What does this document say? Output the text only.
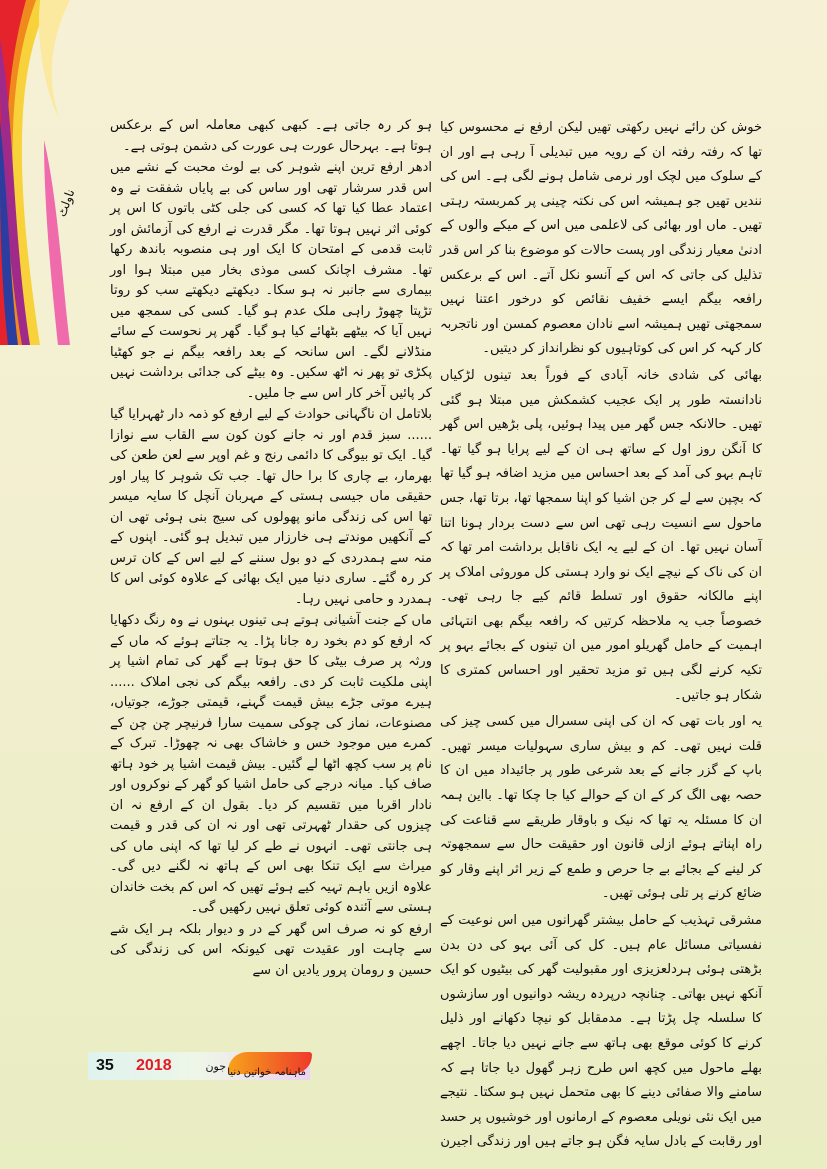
ناولٹ

خوش کن رائے نہیں رکھتی تھیں لیکن ارفع نے محسوس کیا تھا کہ رفتہ رفتہ ان کے رویہ میں تبدیلی آ رہی ہے اور ان کے سلوک میں لچک اور نرمی شامل ہونے لگی ہے۔ اس کی نندیں تھیں جو ہمیشہ اس کی نکتہ چینی پر کمربستہ رہتی تھیں۔ ماں اور بھائی کی لاعلمی میں اس کے میکے والوں کے ادنیٰ معیار زندگی اور پست حالات کو موضوع بنا کر اس قدر تذلیل کی جاتی کہ اس کے آنسو نکل آتے۔ اس کے برعکس رافعہ بیگم ایسے خفیف نقائص کو درخور اعتنا نہیں سمجھتی تھیں ہمیشہ اسے نادان معصوم کمسن اور ناتجربہ کار کہہ کر اس کی کوتاہیوں کو نظرانداز کر دیتیں۔

بھائی کی شادی خانہ آبادی کے فوراً بعد تینوں لڑکیاں نادانستہ طور پر ایک عجیب کشمکش میں مبتلا ہو گئی تھیں۔ حالانکہ جس گھر میں پیدا ہوئیں، پلی بڑھیں اس گھر کا آنگن روز اول کے ساتھ ہی ان کے لیے پرایا ہو گیا تھا۔ تاہم بہو کی آمد کے بعد احساس میں مزید اضافہ ہو گیا تھا کہ بچپن سے لے کر جن اشیا کو اپنا سمجھا تھا، برتا تھا، جس ماحول سے انسیت رہی تھی اس سے دست بردار ہونا اتنا آسان نہیں تھا۔ ان کے لیے یہ ایک ناقابل برداشت امر تھا کہ ان کی ناک کے نیچے ایک نو وارد ہستی کل موروثی املاک پر اپنے مالکانہ حقوق اور تسلط قائم کیے جا رہی تھی۔ خصوصاً جب یہ ملاحظہ کرتیں کہ رافعہ بیگم بھی انتہائی اہمیت کے حامل گھریلو امور میں ان تینوں کے بجائے بہو پر تکیہ کرنے لگی ہیں تو مزید تحقیر اور احساس کمتری کا شکار ہو جاتیں۔

یہ اور بات تھی کہ ان کی اپنی سسرال میں کسی چیز کی قلت نہیں تھی۔ کم و بیش ساری سہولیات میسر تھیں۔ باپ کے گزر جانے کے بعد شرعی طور پر جائیداد میں ان کا حصہ بھی الگ کر کے ان کے حوالے کیا جا چکا تھا۔ بااین ہمہ ان کا مسئلہ یہ تھا کہ نیک و باوقار طریقے سے قناعت کی راہ اپناتے ہوئے ازلی قانون اور حقیقت حال سے سمجھوتہ کر لینے کے بجائے بے جا حرص و طمع کے زیر اثر اپنے وقار کو ضائع کرنے پر تلی ہوئی تھیں۔

مشرقی تہذیب کے حامل بیشتر گھرانوں میں اس نوعیت کے نفسیاتی مسائل عام ہیں۔ کل کی آئی بہو کی دن بدن بڑھتی ہوئی ہردلعزیزی اور مقبولیت گھر کی بیٹیوں کو ایک آنکھ نہیں بھاتی۔ چنانچہ درپردہ ریشہ دوانیوں اور سازشوں کا سلسلہ چل پڑتا ہے۔ مدمقابل کو نیچا دکھانے اور ذلیل کرنے کا کوئی موقع بھی ہاتھ سے جانے نہیں دیا جاتا۔ اچھے بھلے ماحول میں کچھ اس طرح زہر گھول دیا جاتا ہے کہ سامنے والا صفائی دینے کا بھی متحمل نہیں ہو سکتا۔ نتیجے میں ایک نئی نویلی معصوم کے ارمانوں اور خوشیوں پر حسد اور رقابت کے بادل سایہ فگن ہو جاتے ہیں اور زندگی اجیرن

ہو کر رہ جاتی ہے۔ کبھی کبھی معاملہ اس کے برعکس ہوتا ہے۔ بہرحال عورت ہی عورت کی دشمن ہوتی ہے۔

ادھر ارفع ترین اپنے شوہر کی بے لوث محبت کے نشے میں اس قدر سرشار تھی اور ساس کی بے پایاں شفقت نے وہ اعتماد عطا کیا تھا کہ کسی کی جلی کٹی باتوں کا اس پر کوئی اثر نہیں ہوتا تھا۔ مگر قدرت نے ارفع کی آزمائش اور ثابت قدمی کے امتحان کا ایک اور ہی منصوبہ باندھ رکھا تھا۔ مشرف اچانک کسی موذی بخار میں مبتلا ہوا اور بیماری سے جانبر نہ ہو سکا۔ دیکھتے دیکھتے سب کو روتا تڑپتا چھوڑ راہی ملک عدم ہو گیا۔ کسی کی سمجھ میں نہیں آیا کہ بیٹھے بٹھائے کیا ہو گیا۔ گھر پر نحوست کے سائے منڈلانے لگے۔ اس سانحہ کے بعد رافعہ بیگم نے جو کھٹیا پکڑی تو پھر نہ اٹھ سکیں۔ وہ بیٹے کی جدائی برداشت نہیں کر پائیں آخر کار اس سے جا ملیں۔

بلاتامل ان ناگہانی حوادث کے لیے ارفع کو ذمہ دار ٹھہرایا گیا ...... سبز قدم اور نہ جانے کون کون سے القاب سے نوازا گیا۔ ایک تو بیوگی کا دائمی رنج و غم اوپر سے لعن طعن کی بھرمار، بے چاری کا برا حال تھا۔ جب تک شوہر کا پیار اور حقیقی ماں جیسی ہستی کے مہربان آنچل کا سایہ میسر تھا اس کی زندگی مانو پھولوں کی سیج بنی ہوئی تھی ان کے آنکھیں موندتے ہی خارزار میں تبدیل ہو گئی۔ اپنوں کے منہ سے ہمدردی کے دو بول سننے کے لیے اس کے کان ترس کر رہ گئے۔ ساری دنیا میں ایک بھائی کے علاوہ کوئی اس کا ہمدرد و حامی نہیں رہا۔

ماں کے جنت آشیانی ہوتے ہی تینوں بہنوں نے وہ رنگ دکھایا کہ ارفع کو دم بخود رہ جانا پڑا۔ یہ جتاتے ہوئے کہ ماں کے ورثہ پر صرف بیٹی کا حق ہوتا ہے گھر کی تمام اشیا پر اپنی ملکیت ثابت کر دی۔ رافعہ بیگم کی نجی املاک ...... ہیرے موتی جڑے بیش قیمت گہنے، قیمتی جوڑے، جوتیاں، مصنوعات، نماز کی چوکی سمیت سارا فرنیچر چن چن کے کمرے میں موجود خس و خاشاک بھی نہ چھوڑا۔ تبرک کے نام پر سب کچھ اٹھا لے گئیں۔ بیش قیمت اشیا پر خود ہاتھ صاف کیا۔ میانہ درجے کی حامل اشیا کو گھر کے نوکروں اور نادار اقربا میں تقسیم کر دیا۔ بقول ان کے ارفع نہ ان چیزوں کی حقدار ٹھہرتی تھی اور نہ ان کی قدر و قیمت ہی جانتی تھی۔ انہوں نے طے کر لیا تھا کہ اپنی ماں کی میراث سے ایک تنکا بھی اس کے ہاتھ نہ لگنے دیں گی۔ علاوہ ازیں باہم تہیہ کیے ہوئے تھیں کہ اس کم بخت خاندان ہستی سے آئندہ کوئی تعلق نہیں رکھیں گی۔

ارفع کو نہ صرف اس گھر کے در و دیوار بلکہ ہر ایک شے سے چاہت اور عقیدت تھی کیونکہ اس کی زندگی کی حسین و رومان پرور یادیں ان سے

35	2018	جون ماہنامہ خواتین دنیا
